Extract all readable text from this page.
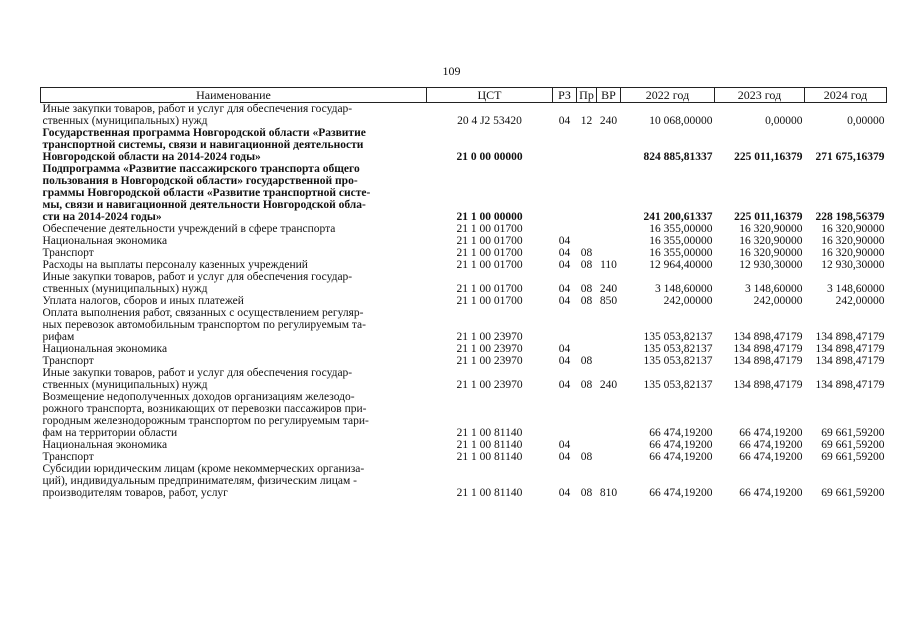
109
Наименование	ЦСТ	РЗ	Пр	ВР	2022 год	2023 год	2024 год
Иные закупки товаров, работ и услуг для обеспечения государ-
ственных (муниципальных) нужд	20 4 J2 53420	04	12	240	10 068,00000	0,00000	0,00000
Государственная программа Новгородской области «Развитие
транспортной системы, связи и навигационной деятельности
Новгородской области на 2014-2024 годы»	21 0 00 00000				824 885,81337	225 011,16379	271 675,16379
Подпрограмма «Развитие пассажирского транспорта общего
пользования в Новгородской области» государственной про-
граммы Новгородской области «Развитие транспортной систе-
мы, связи и навигационной деятельности Новгородской обла-
сти на 2014-2024 годы»	21 1 00 00000				241 200,61337	225 011,16379	228 198,56379
Обеспечение деятельности учреждений в сфере транспорта	21 1 00 01700				16 355,00000	16 320,90000	16 320,90000
Национальная экономика	21 1 00 01700	04			16 355,00000	16 320,90000	16 320,90000
Транспорт	21 1 00 01700	04	08		16 355,00000	16 320,90000	16 320,90000
Расходы на выплаты персоналу казенных учреждений	21 1 00 01700	04	08	110	12 964,40000	12 930,30000	12 930,30000
Иные закупки товаров, работ и услуг для обеспечения государ-
ственных (муниципальных) нужд	21 1 00 01700	04	08	240	3 148,60000	3 148,60000	3 148,60000
Уплата налогов, сборов и иных платежей	21 1 00 01700	04	08	850	242,00000	242,00000	242,00000
Оплата выполнения работ, связанных с осуществлением регуляр-
ных перевозок автомобильным транспортом по регулируемым та-
рифам	21 1 00 23970				135 053,82137	134 898,47179	134 898,47179
Национальная экономика	21 1 00 23970	04			135 053,82137	134 898,47179	134 898,47179
Транспорт	21 1 00 23970	04	08		135 053,82137	134 898,47179	134 898,47179
Иные закупки товаров, работ и услуг для обеспечения государ-
ственных (муниципальных) нужд	21 1 00 23970	04	08	240	135 053,82137	134 898,47179	134 898,47179
Возмещение недополученных доходов организациям железодо-
рожного транспорта, возникающих от перевозки пассажиров при-
городным железнодорожным транспортом по регулируемым тари-
фам на территории области	21 1 00 81140				66 474,19200	66 474,19200	69 661,59200
Национальная экономика	21 1 00 81140	04			66 474,19200	66 474,19200	69 661,59200
Транспорт	21 1 00 81140	04	08		66 474,19200	66 474,19200	69 661,59200
Субсидии юридическим лицам (кроме некоммерческих организа-
ций), индивидуальным предпринимателям, физическим лицам -
производителям товаров, работ, услуг	21 1 00 81140	04	08	810	66 474,19200	66 474,19200	69 661,59200
